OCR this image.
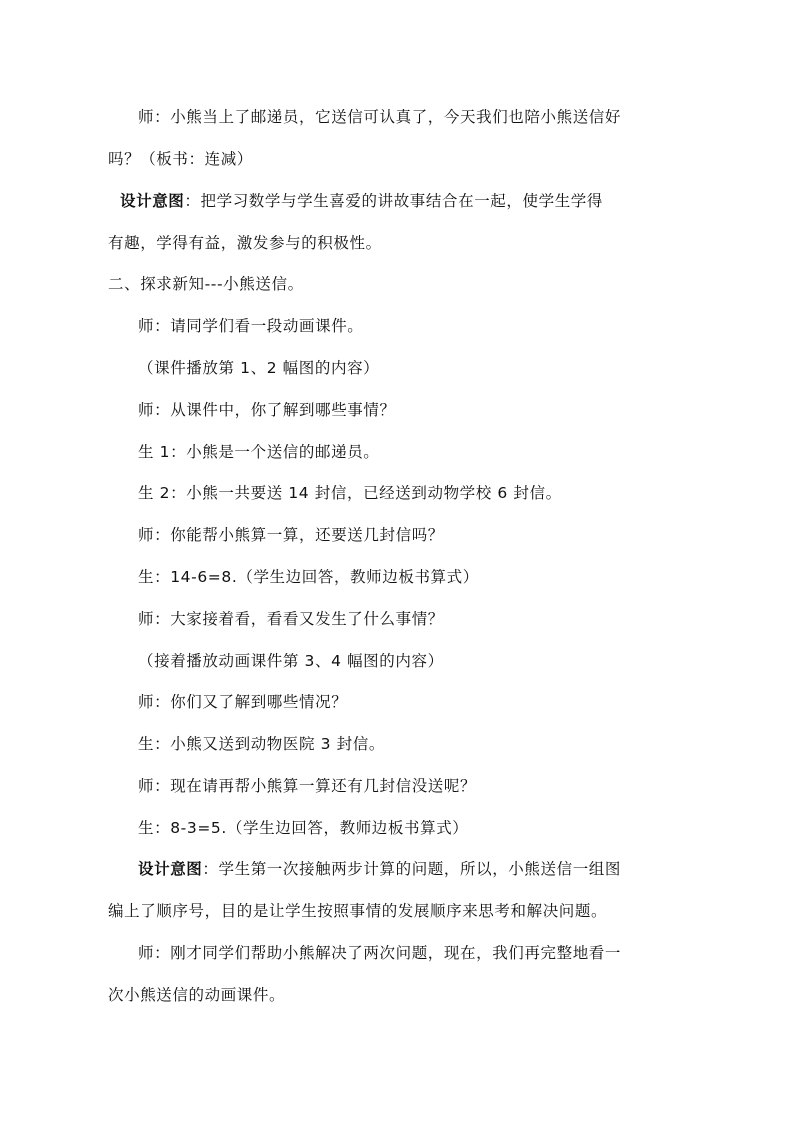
师：小熊当上了邮递员，它送信可认真了，今天我们也陪小熊送信好
吗？（板书：连减）
设计意图：把学习数学与学生喜爱的讲故事结合在一起，使学生学得
有趣，学得有益，激发参与的积极性。
二、探求新知---小熊送信。
师：请同学们看一段动画课件。
（课件播放第 1、2 幅图的内容）
师：从课件中，你了解到哪些事情？
生 1：小熊是一个送信的邮递员。
生 2：小熊一共要送 14 封信，已经送到动物学校 6 封信。
师：你能帮小熊算一算，还要送几封信吗？
生：14-6=8.（学生边回答，教师边板书算式）
师：大家接着看，看看又发生了什么事情？
（接着播放动画课件第 3、4 幅图的内容）
师：你们又了解到哪些情况？
生：小熊又送到动物医院 3 封信。
师：现在请再帮小熊算一算还有几封信没送呢？
生：8-3=5.（学生边回答，教师边板书算式）
设计意图：学生第一次接触两步计算的问题，所以，小熊送信一组图
编上了顺序号，目的是让学生按照事情的发展顺序来思考和解决问题。
师：刚才同学们帮助小熊解决了两次问题，现在，我们再完整地看一
次小熊送信的动画课件。
